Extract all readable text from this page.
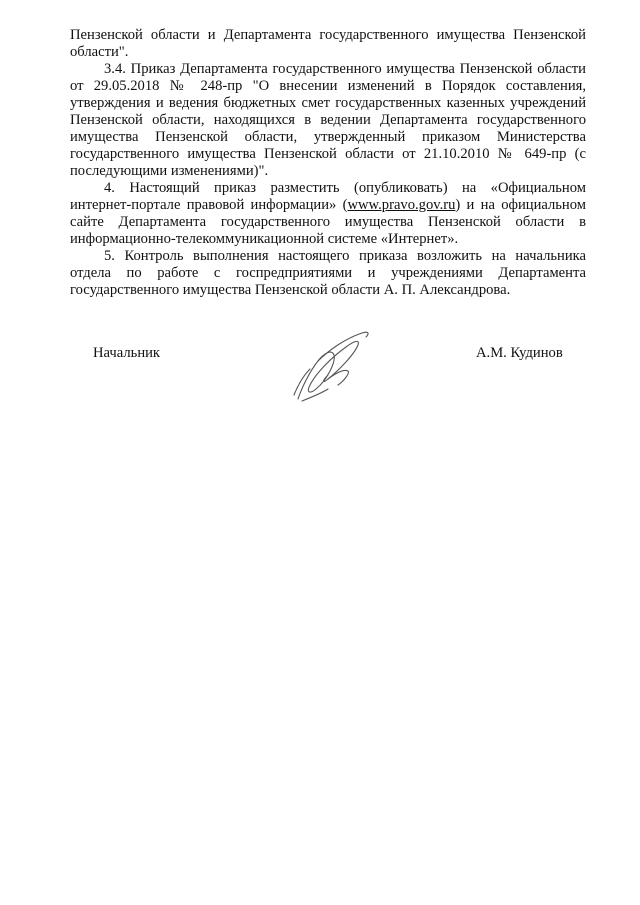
Пензенской области и Департамента государственного имущества Пензенской области".

3.4. Приказ Департамента государственного имущества Пензенской области от 29.05.2018 № 248-пр "О внесении изменений в Порядок составления, утверждения и ведения бюджетных смет государственных казенных учреждений Пензенской области, находящихся в ведении Департамента государственного имущества Пензенской области, утвержденный приказом Министерства государственного имущества Пензенской области от 21.10.2010 № 649-пр (с последующими изменениями)".

4. Настоящий приказ разместить (опубликовать) на «Официальном интернет-портале правовой информации» (www.pravo.gov.ru) и на официальном сайте Департамента государственного имущества Пензенской области в информационно-телекоммуникационной системе «Интернет».

5. Контроль выполнения настоящего приказа возложить на начальника отдела по работе с госпредприятиями и учреждениями Департамента государственного имущества Пензенской области А. П. Александрова.

Начальник	А.М. Кудинов
